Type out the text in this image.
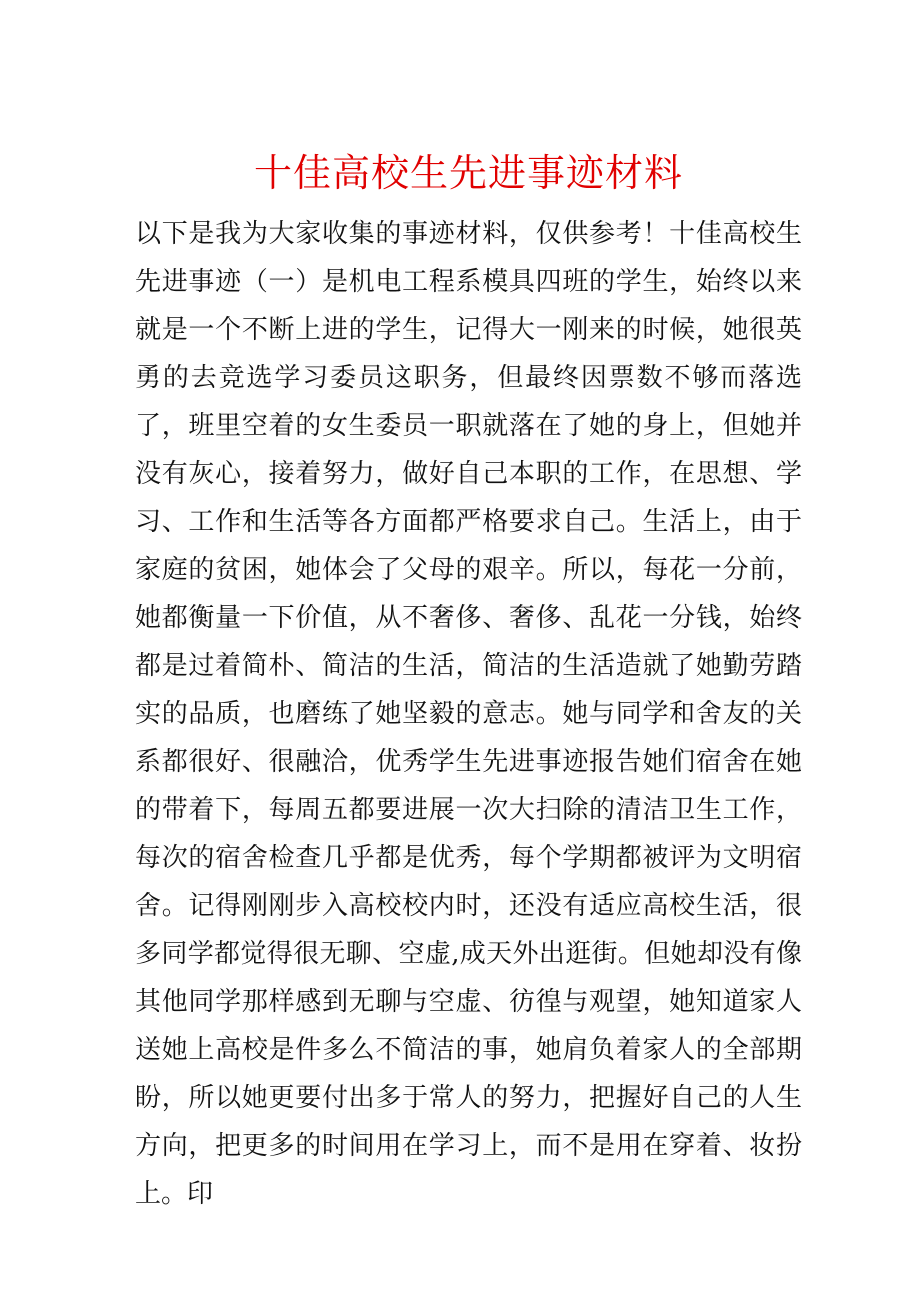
十佳高校生先进事迹材料

以下是我为大家收集的事迹材料，仅供参考！十佳高校生先进事迹（一）是机电工程系模具四班的学生，始终以来就是一个不断上进的学生，记得大一刚来的时候，她很英勇的去竞选学习委员这职务，但最终因票数不够而落选了，班里空着的女生委员一职就落在了她的身上，但她并没有灰心，接着努力，做好自己本职的工作，在思想、学习、工作和生活等各方面都严格要求自己。生活上，由于家庭的贫困，她体会了父母的艰辛。所以，每花一分前，她都衡量一下价值，从不奢侈、奢侈、乱花一分钱，始终都是过着简朴、简洁的生活，简洁的生活造就了她勤劳踏实的品质，也磨练了她坚毅的意志。她与同学和舍友的关系都很好、很融洽，优秀学生先进事迹报告她们宿舍在她的带着下，每周五都要进展一次大扫除的清洁卫生工作，每次的宿舍检查几乎都是优秀，每个学期都被评为文明宿舍。记得刚刚步入高校校内时，还没有适应高校生活，很多同学都觉得很无聊、空虚,成天外出逛街。但她却没有像其他同学那样感到无聊与空虚、彷徨与观望，她知道家人送她上高校是件多么不简洁的事，她肩负着家人的全部期盼，所以她更要付出多于常人的努力，把握好自己的人生方向，把更多的时间用在学习上，而不是用在穿着、妆扮上。印
